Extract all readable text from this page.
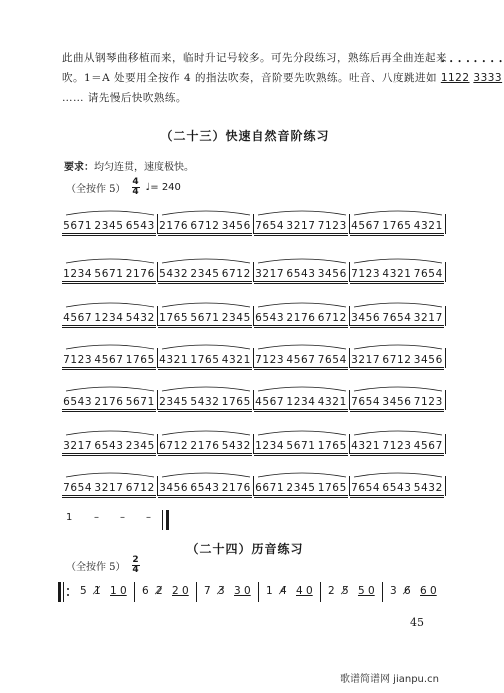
此曲从钢琴曲移植而来，临时升记号较多。可先分段练习，熟练后再全曲连起来
吹。1＝A 处要用全按作 4 的指法吹奏，音阶要先吹熟练。吐音、八度跳进如
• • • •
1122
• • • •
3333
…… 请先慢后快吹熟练。
（二十三）快速自然音阶练习
要求：均匀连贯，速度极快。
（全按作 5）
4
4 ♩= 240
5671 2345 6543 2176 6712 3456 7654 3217 7123 4567 1765 4321
1234 5671 2176 5432 2345 6712 3217 6543 3456 7123 4321 7654
4567 1234 5432 1765 5671 2345 6543 2176 6712 3456 7654 3217
7123 4567 1765 4321 1765 4321 7123 4567 7654 3217 6712 3456
6543 2176 5671 2345 5432 1765 4567 1234 4321 7654 3456 7123
3217 6543 2345 6712 2176 5432 1234 5671 1765 4321 7123 4567
7654 3217 6712 3456 6543 2176 6671 2345 1765 7654 6543 5432
1 – – –
（二十四）历音练习
（全按作 5）
2
4
5 1̸ 1 0 6 2̸ 2 0 7 3̸ 3 0 1 4̸ 4 0 2 5̸ 5 0 3 6̸ 6 0
45
歌谱简谱网 jianpu.cn
